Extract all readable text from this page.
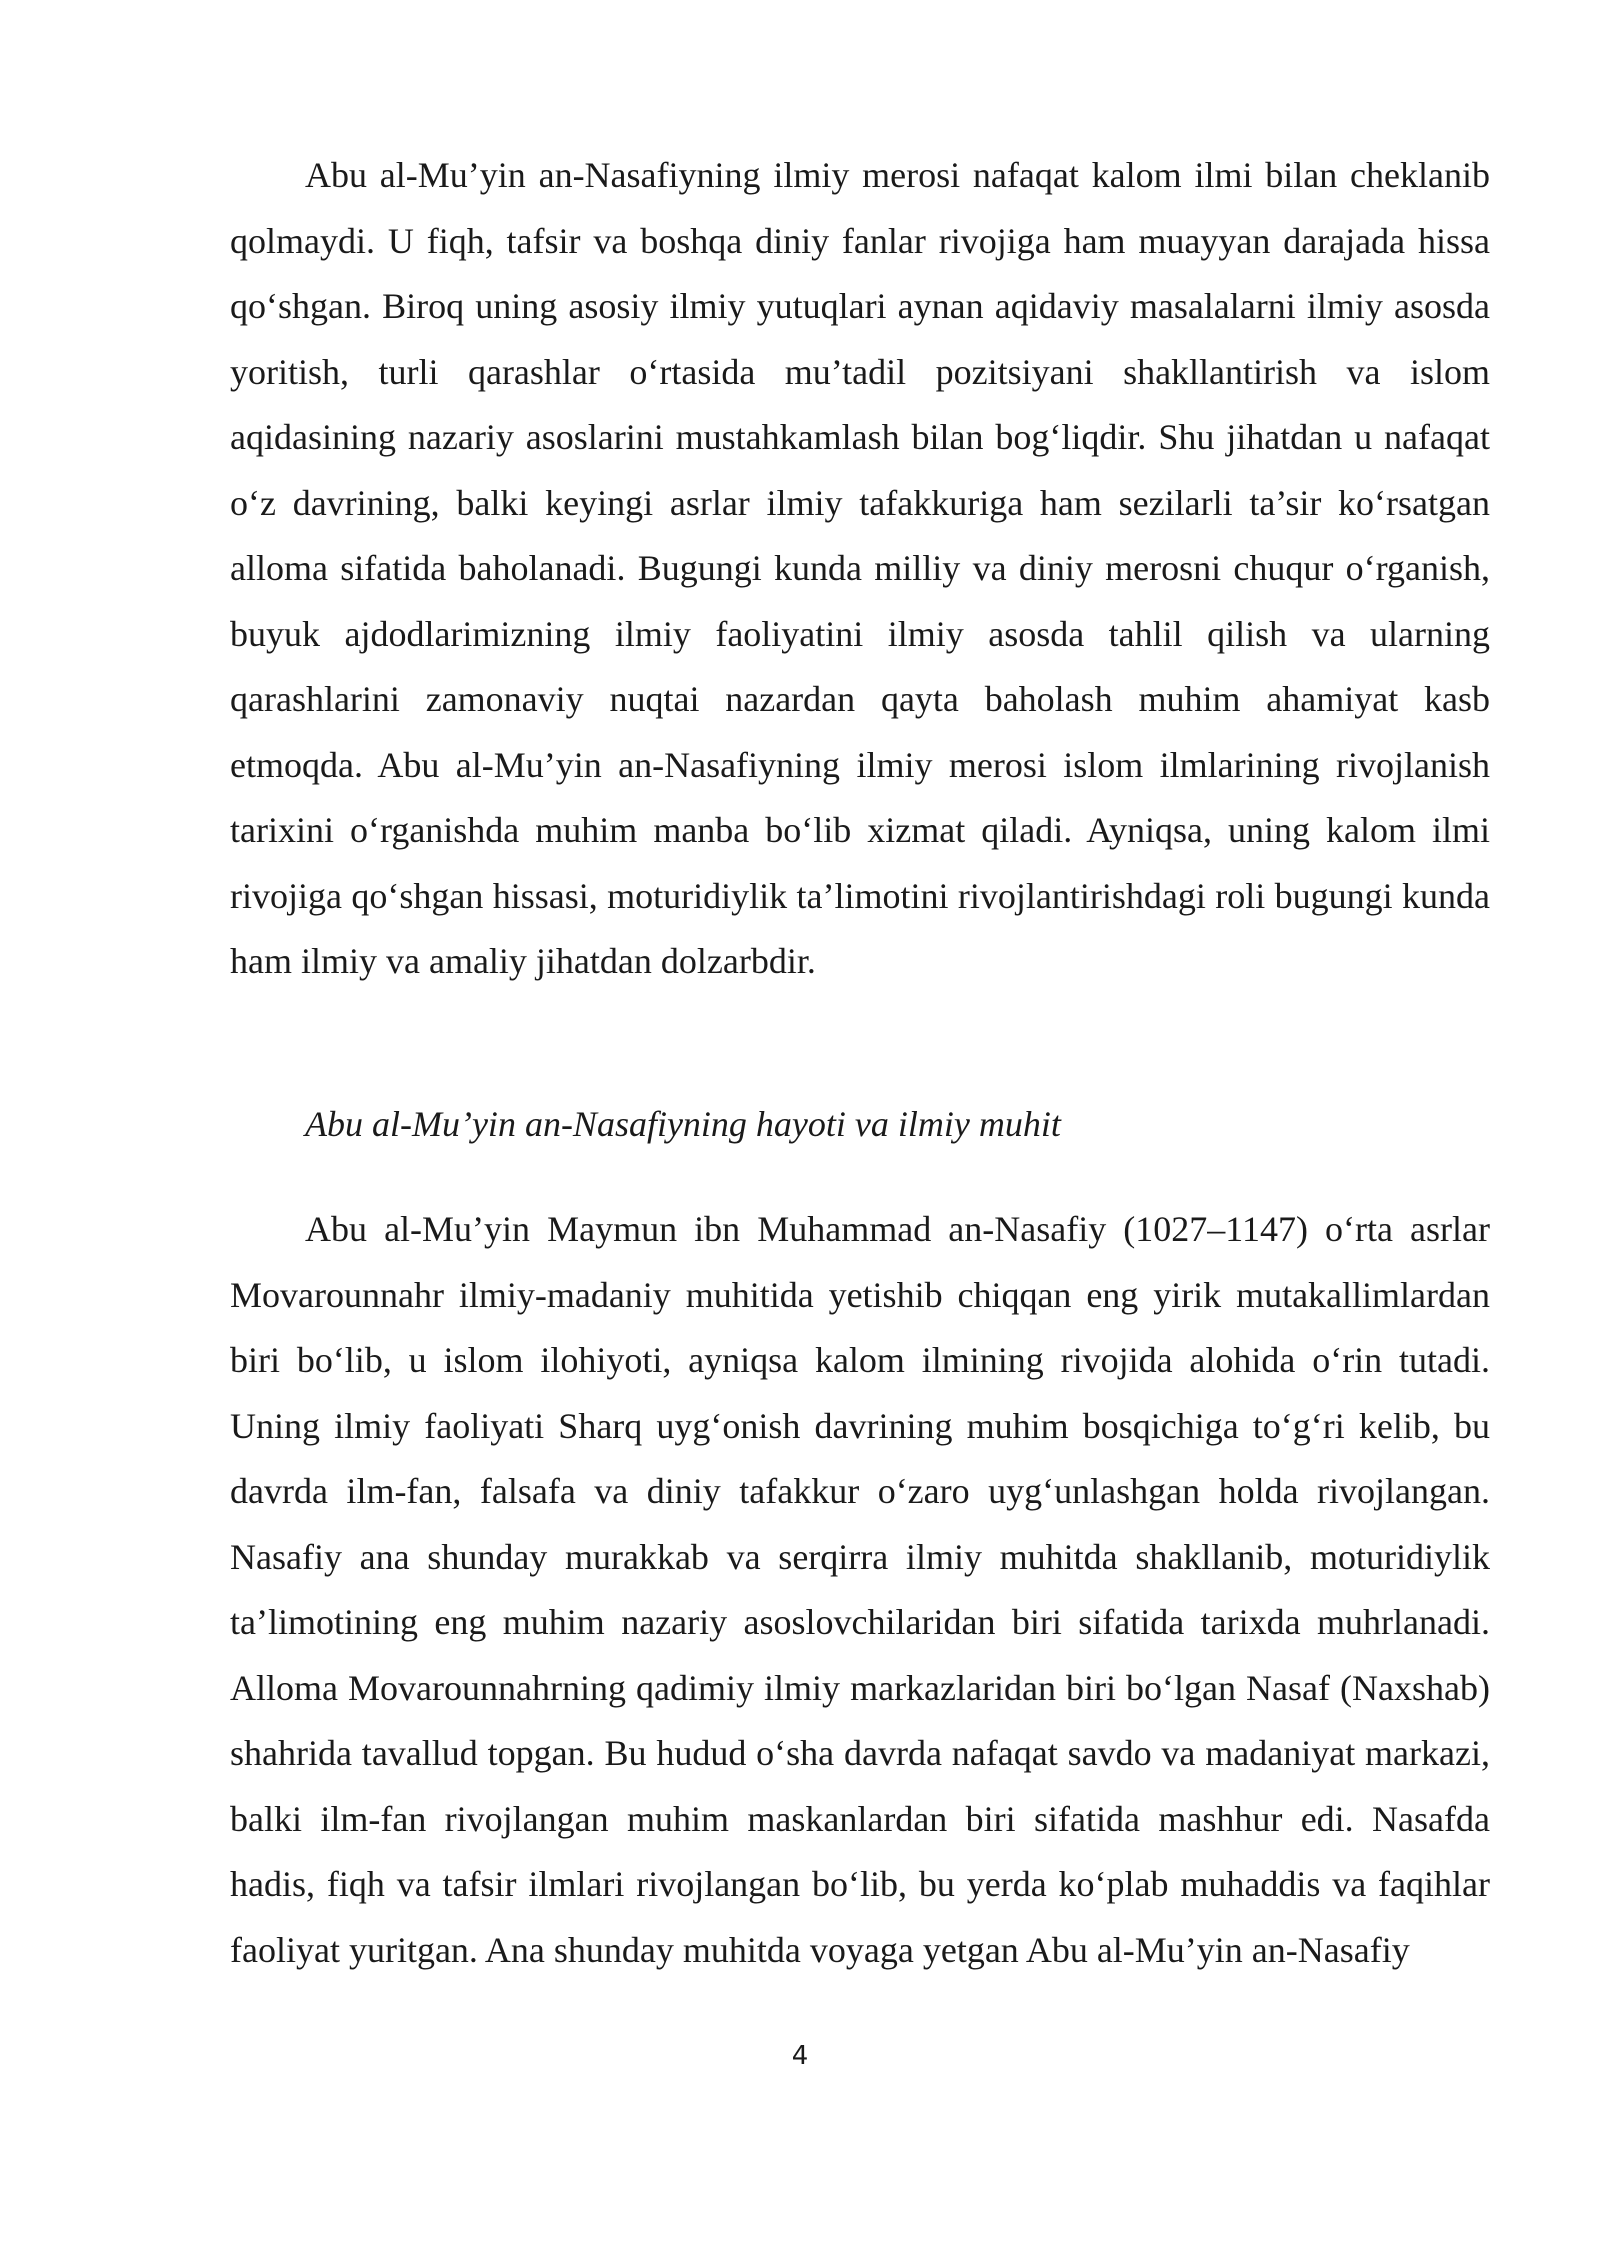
Abu al-Mu’yin an-Nasafiyning ilmiy merosi nafaqat kalom ilmi bilan cheklanib qolmaydi. U fiqh, tafsir va boshqa diniy fanlar rivojiga ham muayyan darajada hissa qo‘shgan. Biroq uning asosiy ilmiy yutuqlari aynan aqidaviy masalalarni ilmiy asosda yoritish, turli qarashlar o‘rtasida mu’tadil pozitsiyani shakllantirish va islom aqidasining nazariy asoslarini mustahkamlash bilan bog‘liqdir. Shu jihatdan u nafaqat o‘z davrining, balki keyingi asrlar ilmiy tafakkuriga ham sezilarli ta’sir ko‘rsatgan alloma sifatida baholanadi. Bugungi kunda milliy va diniy merosni chuqur o‘rganish, buyuk ajdodlarimizning ilmiy faoliyatini ilmiy asosda tahlil qilish va ularning qarashlarini zamonaviy nuqtai nazardan qayta baholash muhim ahamiyat kasb etmoqda. Abu al-Mu’yin an-Nasafiyning ilmiy merosi islom ilmlarining rivojlanish tarixini o‘rganishda muhim manba bo‘lib xizmat qiladi. Ayniqsa, uning kalom ilmi rivojiga qo‘shgan hissasi, moturidiylik ta’limotini rivojlantirishdagi roli bugungi kunda ham ilmiy va amaliy jihatdan dolzarbdir.

Abu al-Mu’yin an-Nasafiyning hayoti va ilmiy muhit

Abu al-Mu’yin Maymun ibn Muhammad an-Nasafiy (1027–1147) o‘rta asrlar Movarounnahr ilmiy-madaniy muhitida yetishib chiqqan eng yirik mutakallimlardan biri bo‘lib, u islom ilohiyoti, ayniqsa kalom ilmining rivojida alohida o‘rin tutadi. Uning ilmiy faoliyati Sharq uyg‘onish davrining muhim bosqichiga to‘g‘ri kelib, bu davrda ilm-fan, falsafa va diniy tafakkur o‘zaro uyg‘unlashgan holda rivojlangan. Nasafiy ana shunday murakkab va serqirra ilmiy muhitda shakllanib, moturidiylik ta’limotining eng muhim nazariy asoslovchilaridan biri sifatida tarixda muhrlanadi. Alloma Movarounnahrning qadimiy ilmiy markazlaridan biri bo‘lgan Nasaf (Naxshab) shahrida tavallud topgan. Bu hudud o‘sha davrda nafaqat savdo va madaniyat markazi, balki ilm-fan rivojlangan muhim maskanlardan biri sifatida mashhur edi. Nasafda hadis, fiqh va tafsir ilmlari rivojlangan bo‘lib, bu yerda ko‘plab muhaddis va faqihlar faoliyat yuritgan. Ana shunday muhitda voyaga yetgan Abu al-Mu’yin an-Nasafiy

4
